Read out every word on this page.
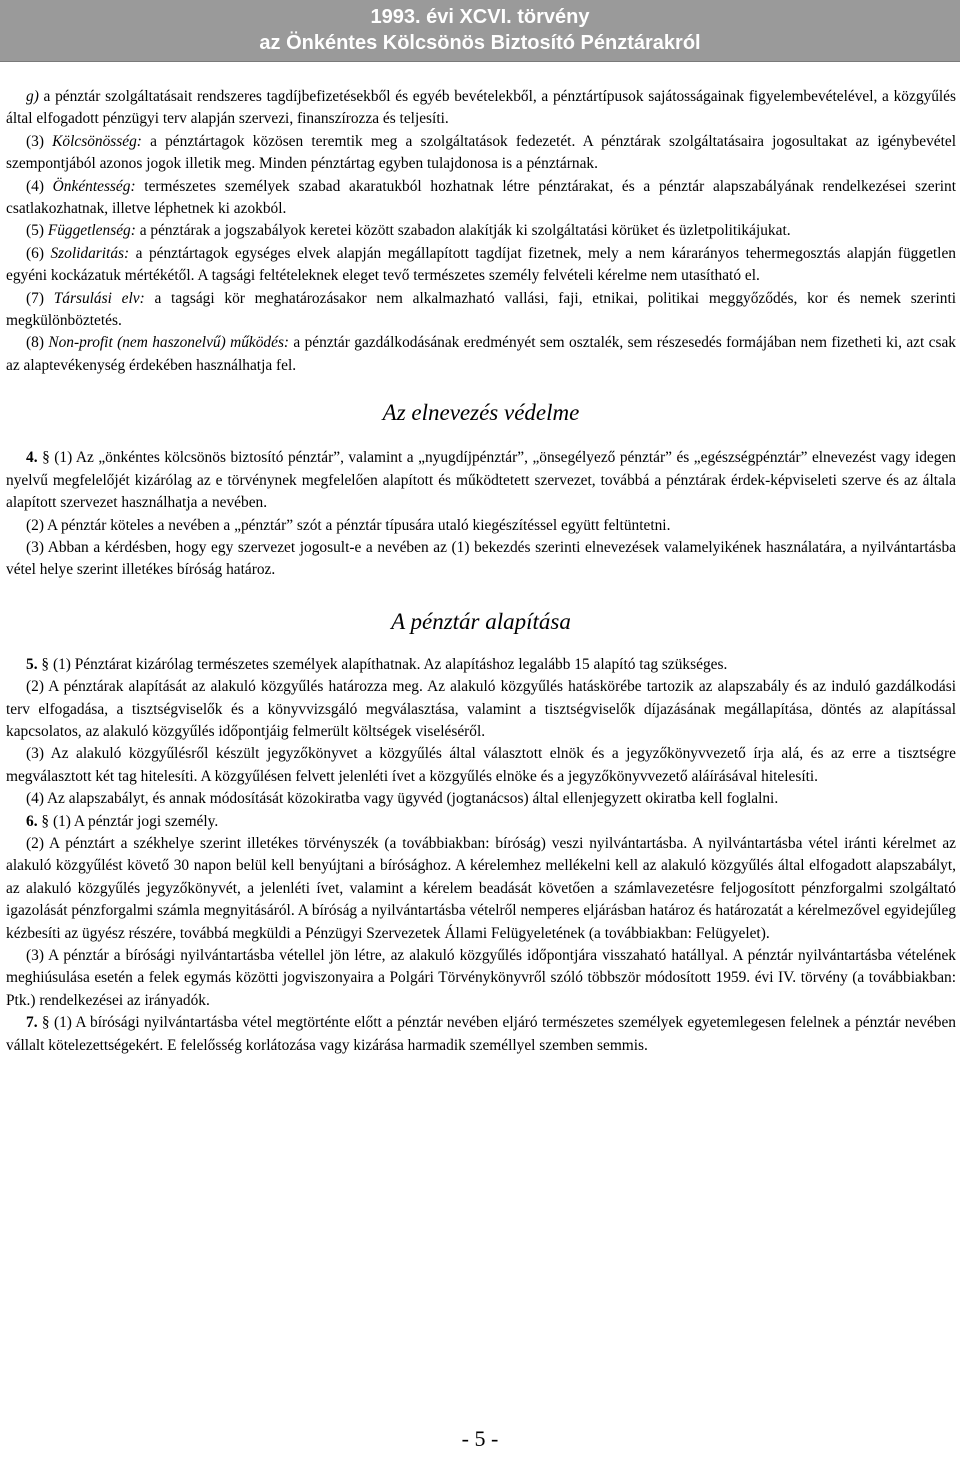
1993. évi XCVI. törvény
az Önkéntes Kölcsönös Biztosító Pénztárakról

g) a pénztár szolgáltatásait rendszeres tagdíjbefizetésekből és egyéb bevételekből, a pénztártípusok sajátosságainak figyelembevételével, a közgyűlés által elfogadott pénzügyi terv alapján szervezi, finanszírozza és teljesíti.

(3) Kölcsönösség: a pénztártagok közösen teremtik meg a szolgáltatások fedezetét. A pénztárak szolgáltatásaira jogosultakat az igénybevétel szempontjából azonos jogok illetik meg. Minden pénztártag egyben tulajdonosa is a pénztárnak.

(4) Önkéntesség: természetes személyek szabad akaratukból hozhatnak létre pénztárakat, és a pénztár alapszabályának rendelkezései szerint csatlakozhatnak, illetve léphetnek ki azokból.

(5) Függetlenség: a pénztárak a jogszabályok keretei között szabadon alakítják ki szolgáltatási körüket és üzletpolitikájukat.

(6) Szolidaritás: a pénztártagok egységes elvek alapján megállapított tagdíjat fizetnek, mely a nem kárarányos tehermegosztás alapján független egyéni kockázatuk mértékétől. A tagsági feltételeknek eleget tevő természetes személy felvételi kérelme nem utasítható el.

(7) Társulási elv: a tagsági kör meghatározásakor nem alkalmazható vallási, faji, etnikai, politikai meggyőződés, kor és nemek szerinti megkülönböztetés.

(8) Non-profit (nem haszonelvű) működés: a pénztár gazdálkodásának eredményét sem osztalék, sem részesedés formájában nem fizetheti ki, azt csak az alaptevékenység érdekében használhatja fel.

Az elnevezés védelme

4. § (1) Az „önkéntes kölcsönös biztosító pénztár”, valamint a „nyugdíjpénztár”, „önsegélyező pénztár” és „egészségpénztár” elnevezést vagy idegen nyelvű megfelelőjét kizárólag az e törvénynek megfelelően alapított és működtetett szervezet, továbbá a pénztárak érdek-képviseleti szerve és az általa alapított szervezet használhatja a nevében.

(2) A pénztár köteles a nevében a „pénztár” szót a pénztár típusára utaló kiegészítéssel együtt feltüntetni.

(3) Abban a kérdésben, hogy egy szervezet jogosult-e a nevében az (1) bekezdés szerinti elnevezések valamelyikének használatára, a nyilvántartásba vétel helye szerint illetékes bíróság határoz.

A pénztár alapítása

5. § (1) Pénztárat kizárólag természetes személyek alapíthatnak. Az alapításhoz legalább 15 alapító tag szükséges.

(2) A pénztárak alapítását az alakuló közgyűlés határozza meg. Az alakuló közgyűlés hatáskörébe tartozik az alapszabály és az induló gazdálkodási terv elfogadása, a tisztségviselők és a könyvvizsgáló megválasztása, valamint a tisztségviselők díjazásának megállapítása, döntés az alapítással kapcsolatos, az alakuló közgyűlés időpontjáig felmerült költségek viseléséről.

(3) Az alakuló közgyűlésről készült jegyzőkönyvet a közgyűlés által választott elnök és a jegyzőkönyvvezető írja alá, és az erre a tisztségre megválasztott két tag hitelesíti. A közgyűlésen felvett jelenléti ívet a közgyűlés elnöke és a jegyzőkönyvvezető aláírásával hitelesíti.

(4) Az alapszabályt, és annak módosítását közokiratba vagy ügyvéd (jogtanácsos) által ellenjegyzett okiratba kell foglalni.

6. § (1) A pénztár jogi személy.

(2) A pénztárt a székhelye szerint illetékes törvényszék (a továbbiakban: bíróság) veszi nyilvántartásba. A nyilvántartásba vétel iránti kérelmet az alakuló közgyűlést követő 30 napon belül kell benyújtani a bírósághoz. A kérelemhez mellékelni kell az alakuló közgyűlés által elfogadott alapszabályt, az alakuló közgyűlés jegyzőkönyvét, a jelenléti ívet, valamint a kérelem beadását követően a számlavezetésre feljogosított pénzforgalmi szolgáltató igazolását pénzforgalmi számla megnyitásáról. A bíróság a nyilvántartásba vételről nemperes eljárásban határoz és határozatát a kérelmezővel egyidejűleg kézbesíti az ügyész részére, továbbá megküldi a Pénzügyi Szervezetek Állami Felügyeletének (a továbbiakban: Felügyelet).

(3) A pénztár a bírósági nyilvántartásba vétellel jön létre, az alakuló közgyűlés időpontjára visszaható hatállyal. A pénztár nyilvántartásba vételének meghiúsulása esetén a felek egymás közötti jogviszonyaira a Polgári Törvénykönyvről szóló többször módosított 1959. évi IV. törvény (a továbbiakban: Ptk.) rendelkezései az irányadók.

7. § (1) A bírósági nyilvántartásba vétel megtörténte előtt a pénztár nevében eljáró természetes személyek egyetemlegesen felelnek a pénztár nevében vállalt kötelezettségekért. E felelősség korlátozása vagy kizárása harmadik személlyel szemben semmis.

- 5 -
